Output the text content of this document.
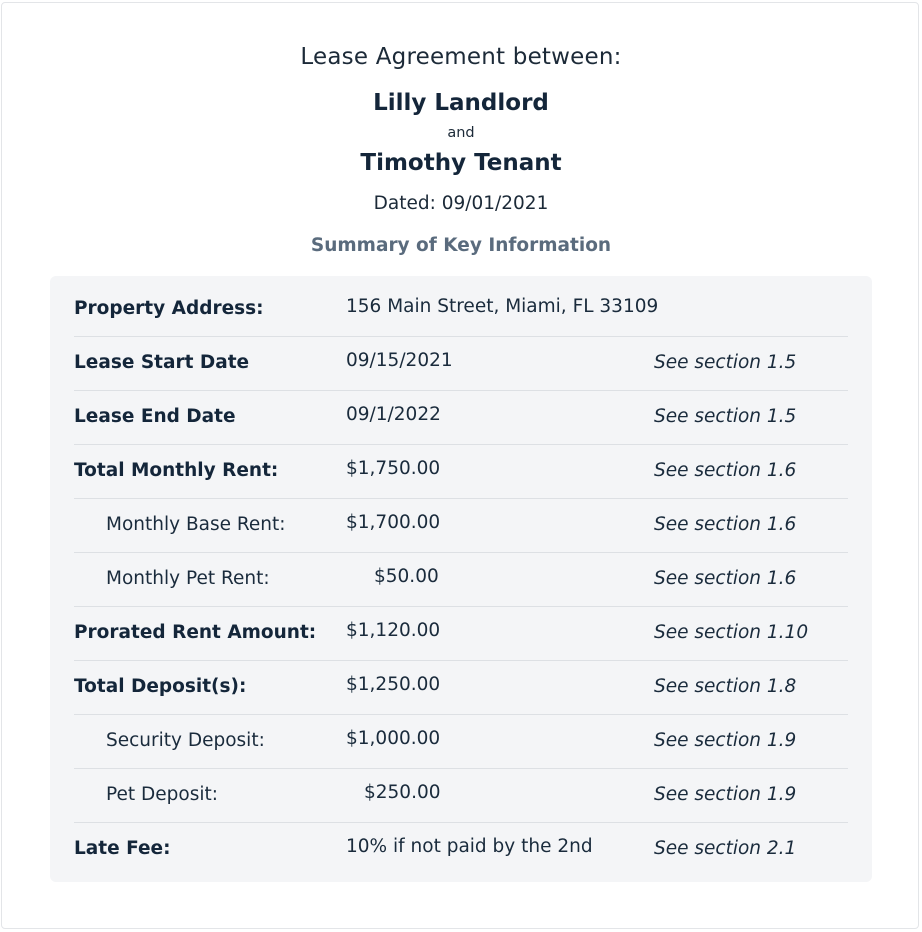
Lease Agreement between:
Lilly Landlord
and
Timothy Tenant
Dated: 09/01/2021
Summary of Key Information
Property Address:	156 Main Street, Miami, FL 33109
Lease Start Date	09/15/2021	See section 1.5
Lease End Date	09/1/2022	See section 1.5
Total Monthly Rent:	$1,750.00	See section 1.6
Monthly Base Rent:	$1,700.00	See section 1.6
Monthly Pet Rent:	$50.00	See section 1.6
Prorated Rent Amount: $1,120.00	See section 1.10
Total Deposit(s):	$1,250.00	See section 1.8
Security Deposit:	$1,000.00	See section 1.9
Pet Deposit:	$250.00	See section 1.9
Late Fee:	10% if not paid by the 2nd	See section 2.1
